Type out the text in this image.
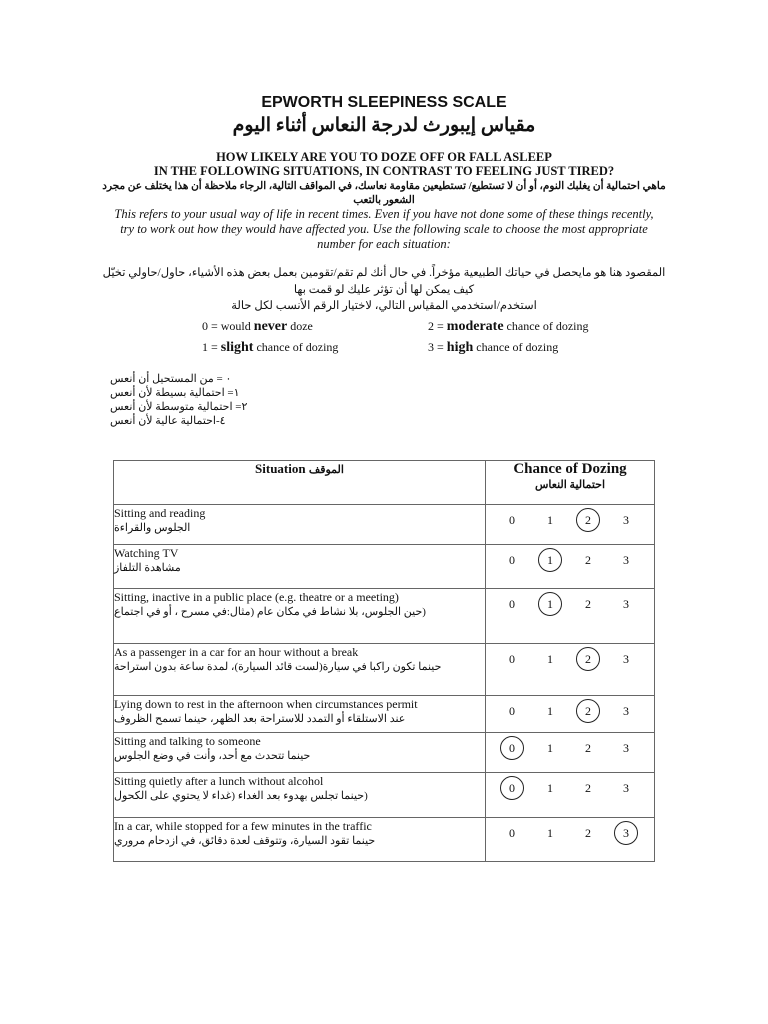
EPWORTH SLEEPINESS SCALE
مقياس إيبورث لدرجة النعاس أثناء اليوم
HOW LIKELY ARE YOU TO DOZE OFF OR FALL ASLEEP
IN THE FOLLOWING SITUATIONS, IN CONTRAST TO FEELING JUST TIRED?
ماهي احتمالية أن يغلبك النوم، أو أن لا تستطيع/ تستطيعين مقاومة نعاسك، في المواقف التالية، الرجاء ملاحظة أن هذا يختلف عن مجرد الشعور بالتعب
This refers to your usual way of life in recent times. Even if you have not done some of these things recently, try to work out how they would have affected you. Use the following scale to choose the most appropriate number for each situation:
المقصود هنا هو مايحصل في حياتك الطبيعية مؤخراً. في حال أنك لم تقم/تقومين بعمل بعض هذه الأشياء، حاول/حاولي تخيّل
كيف يمكن لها أن تؤثر عليك لو قمت بها
استخدم/استخدمي المقياس التالي، لاختيار الرقم الأنسب لكل حالة
0 = would never doze	2 = moderate chance of dozing
1 = slight chance of dozing	3 = high chance of dozing
٠ = من المستحيل أن أنعس
١= احتمالية بسيطة لأن أنعس
٢= احتمالية متوسطة لأن أنعس
٤-احتمالية عالية لأن أنعس
Situation الموقف	Chance of Dozing
احتمالية النعاس

Sitting and reading
الجلوس والقراءة	0 1 2 3

Watching TV
مشاهدة التلفاز	0 1 2 3

Sitting, inactive in a public place (e.g. theatre or a meeting)
(حين الجلوس، بلا نشاط في مكان عام (مثال:في مسرح ، أو في اجتماع	0 1 2 3

As a passenger in a car for an hour without a break
حينما تكون راكبا في سيارة(لست قائد السيارة)، لمدة ساعة بدون استراحة	0 1 2 3

Lying down to rest in the afternoon when circumstances permit
عند الاستلقاء أو التمدد للاستراحة بعد الظهر، حينما تسمح الظروف	0 1 2 3

Sitting and talking to someone
حينما تتحدث مع أحد، وأنت في وضع الجلوس	0 1 2 3

Sitting quietly after a lunch without alcohol
(حينما تجلس بهدوء بعد الغداء (غداء لا يحتوي على الكحول	0 1 2 3

In a car, while stopped for a few minutes in the traffic
حينما تقود السيارة، وتتوقف لعدة دقائق، في ازدحام مروري	0 1 2 3
